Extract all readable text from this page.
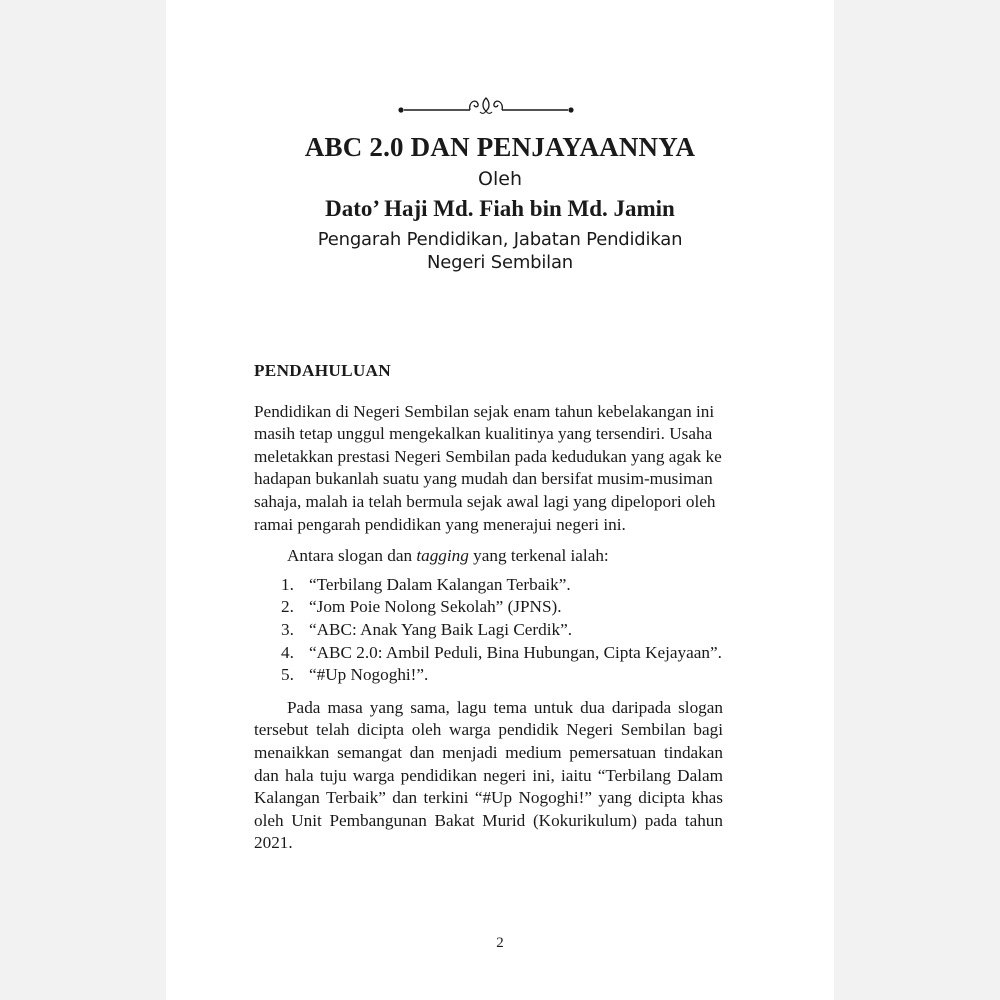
ABC 2.0 DAN PENJAYAANNYA
Oleh
Dato’ Haji Md. Fiah bin Md. Jamin
Pengarah Pendidikan, Jabatan Pendidikan
Negeri Sembilan
PENDAHULUAN

Pendidikan di Negeri Sembilan sejak enam tahun kebelakangan ini masih tetap unggul mengekalkan kualitinya yang tersendiri. Usaha meletakkan prestasi Negeri Sembilan pada kedudukan yang agak ke hadapan bukanlah suatu yang mudah dan bersifat musim-musiman sahaja, malah ia telah bermula sejak awal lagi yang dipelopori oleh ramai pengarah pendidikan yang menerajui negeri ini.

Antara slogan dan tagging yang terkenal ialah:

1. “Terbilang Dalam Kalangan Terbaik”.
2. “Jom Poie Nolong Sekolah” (JPNS).
3. “ABC: Anak Yang Baik Lagi Cerdik”.
4. “ABC 2.0: Ambil Peduli, Bina Hubungan, Cipta Kejayaan”.
5. “#Up Nogoghi!”.

Pada masa yang sama, lagu tema untuk dua daripada slogan tersebut telah dicipta oleh warga pendidik Negeri Sembilan bagi menaikkan semangat dan menjadi medium pemersatuan tindakan dan hala tuju warga pendidikan negeri ini, iaitu “Terbilang Dalam Kalangan Terbaik” dan terkini “#Up Nogoghi!” yang dicipta khas oleh Unit Pembangunan Bakat Murid (Kokurikulum) pada tahun 2021.

2
